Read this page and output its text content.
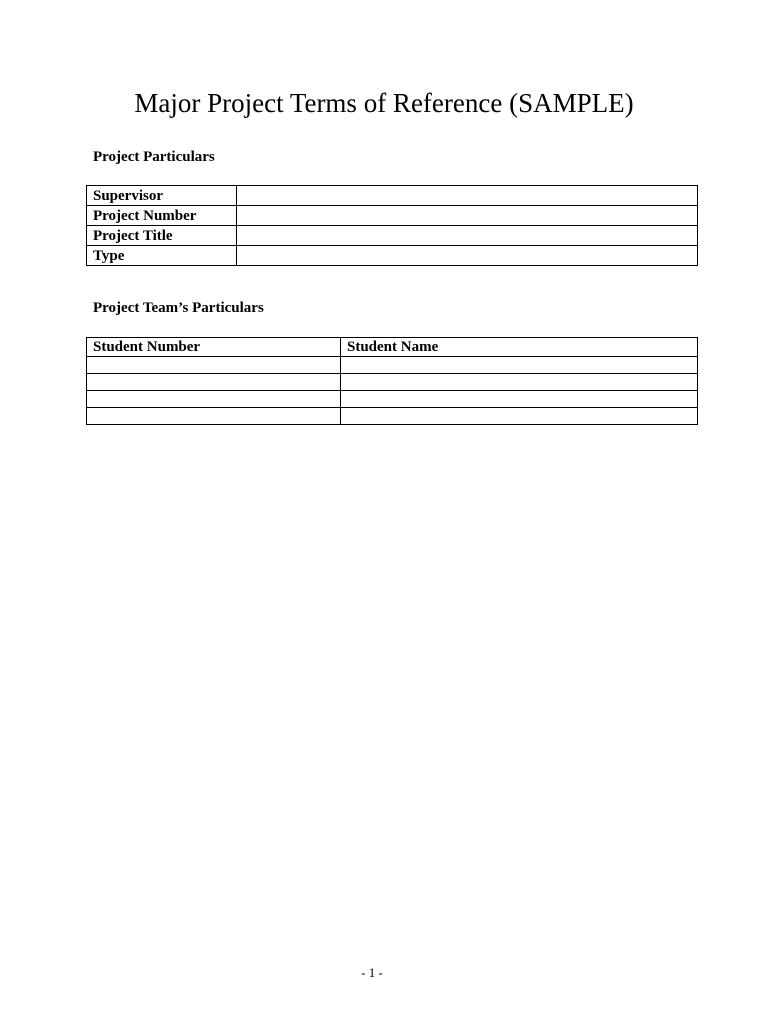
Major Project Terms of Reference (SAMPLE)
Project Particulars
Supervisor	
Project Number	
Project Title	
Type	
Project Team’s Particulars
Student Number	Student Name

- 1 -
